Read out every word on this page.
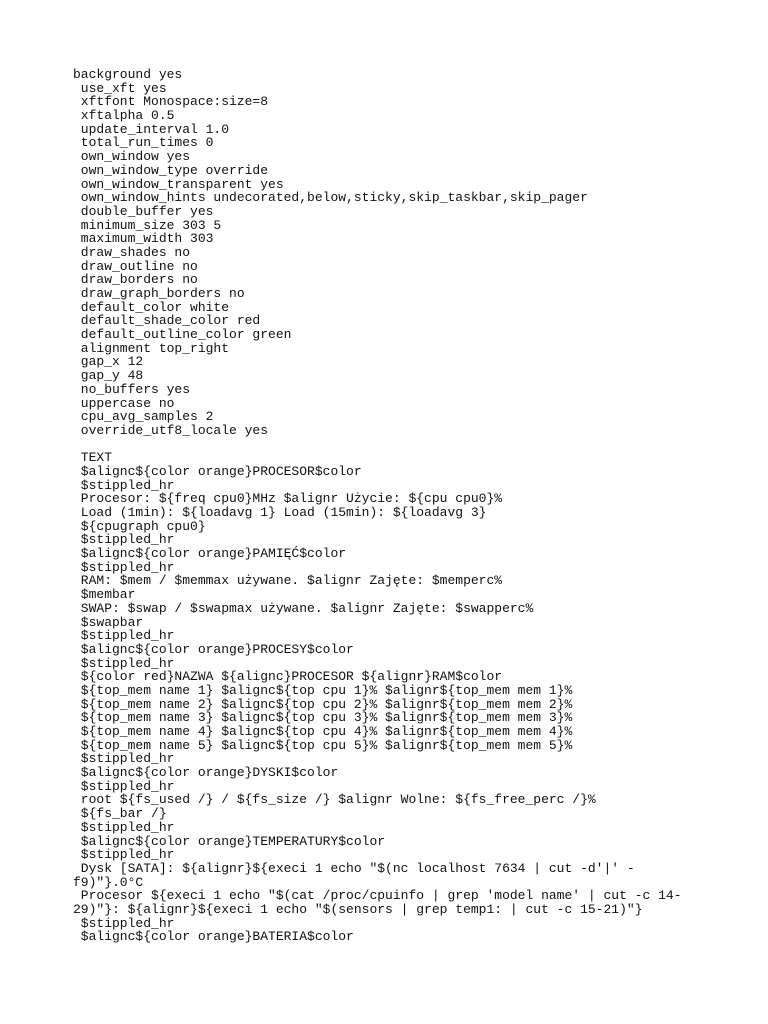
background yes
use_xft yes
xftfont Monospace:size=8
xftalpha 0.5
update_interval 1.0
total_run_times 0
own_window yes
own_window_type override
own_window_transparent yes
own_window_hints undecorated,below,sticky,skip_taskbar,skip_pager
double_buffer yes
minimum_size 303 5
maximum_width 303
draw_shades no
draw_outline no
draw_borders no
draw_graph_borders no
default_color white
default_shade_color red
default_outline_color green
alignment top_right
gap_x 12
gap_y 48
no_buffers yes
uppercase no
cpu_avg_samples 2
override_utf8_locale yes
TEXT
$alignc${color orange}PROCESOR$color
$stippled_hr
Procesor: ${freq cpu0}MHz $alignr Użycie: ${cpu cpu0}%
Load (1min): ${loadavg 1} Load (15min): ${loadavg 3}
${cpugraph cpu0}
$stippled_hr
$alignc${color orange}PAMIĘĆ$color
$stippled_hr
RAM: $mem / $memmax używane. $alignr Zajęte: $memperc%
$membar
SWAP: $swap / $swapmax używane. $alignr Zajęte: $swapperc%
$swapbar
$stippled_hr
$alignc${color orange}PROCESY$color
$stippled_hr
${color red}NAZWA ${alignc}PROCESOR ${alignr}RAM$color
${top_mem name 1} $alignc${top cpu 1}% $alignr${top_mem mem 1}%
${top_mem name 2} $alignc${top cpu 2}% $alignr${top_mem mem 2}%
${top_mem name 3} $alignc${top cpu 3}% $alignr${top_mem mem 3}%
${top_mem name 4} $alignc${top cpu 4}% $alignr${top_mem mem 4}%
${top_mem name 5} $alignc${top cpu 5}% $alignr${top_mem mem 5}%
$stippled_hr
$alignc${color orange}DYSKI$color
$stippled_hr
root ${fs_used /} / ${fs_size /} $alignr Wolne: ${fs_free_perc /}%
${fs_bar /}
$stippled_hr
$alignc${color orange}TEMPERATURY$color
$stippled_hr
Dysk [SATA]: ${alignr}${execi 1 echo "$(nc localhost 7634 | cut -d'|' -
f9)"}.0°C
Procesor ${execi 1 echo "$(cat /proc/cpuinfo | grep 'model name' | cut -c 14-
29)"}: ${alignr}${execi 1 echo "$(sensors | grep temp1: | cut -c 15-21)"}
$stippled_hr
$alignc${color orange}BATERIA$color
